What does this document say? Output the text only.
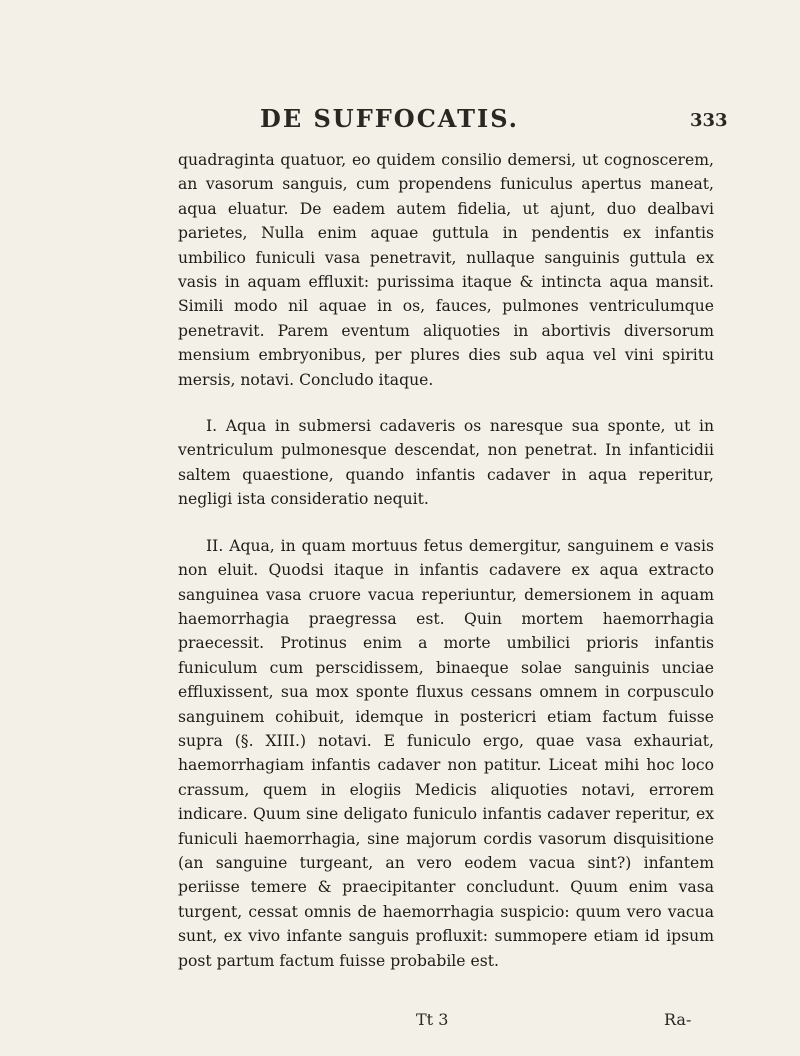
DE SUFFOCATIS.	333

quadraginta quatuor, eo quidem consilio demersi, ut cognoscerem, an vasorum sanguis, cum propendens funiculus apertus maneat, aqua eluatur. De eadem autem fidelia, ut ajunt, duo dealbavi parietes, Nulla enim aquae guttula in pendentis ex infantis umbilico funiculi vasa penetravit, nullaque sanguinis guttula ex vasis in aquam effluxit: purissima itaque & intincta aqua mansit. Simili modo nil aquae in os, fauces, pulmones ventriculumque penetravit. Parem eventum aliquoties in abortivis diversorum mensium embryonibus, per plures dies sub aqua vel vini spiritu mersis, notavi. Concludo itaque.

I. Aqua in submersi cadaveris os naresque sua sponte, ut in ventriculum pulmonesque descendat, non penetrat. In infanticidii saltem quaestione, quando infantis cadaver in aqua reperitur, negligi ista consideratio nequit.

II. Aqua, in quam mortuus fetus demergitur, sanguinem e vasis non eluit. Quodsi itaque in infantis cadavere ex aqua extracto sanguinea vasa cruore vacua reperiuntur, demersionem in aquam haemorrhagia praegressa est. Quin mortem haemorrhagia praecessit. Protinus enim a morte umbilici prioris infantis funiculum cum perscidissem, binaeque solae sanguinis unciae effluxissent, sua mox sponte fluxus cessans omnem in corpusculo sanguinem cohibuit, idemque in postericri etiam factum fuisse supra (§. XIII.) notavi. E funiculo ergo, quae vasa exhauriat, haemorrhagiam infantis cadaver non patitur. Liceat mihi hoc loco crassum, quem in elogiis Medicis aliquoties notavi, errorem indicare. Quum sine deligato funiculo infantis cadaver reperitur, ex funiculi haemorrhagia, sine majorum cordis vasorum disquisitione (an sanguine turgeant, an vero eodem vacua sint?) infantem periisse temere & praecipitanter concludunt. Quum enim vasa turgent, cessat omnis de haemorrhagia suspicio: quum vero vacua sunt, ex vivo infante sanguis profluxit: summopere etiam id ipsum post partum factum fuisse probabile est.

Tt 3	Ra-
